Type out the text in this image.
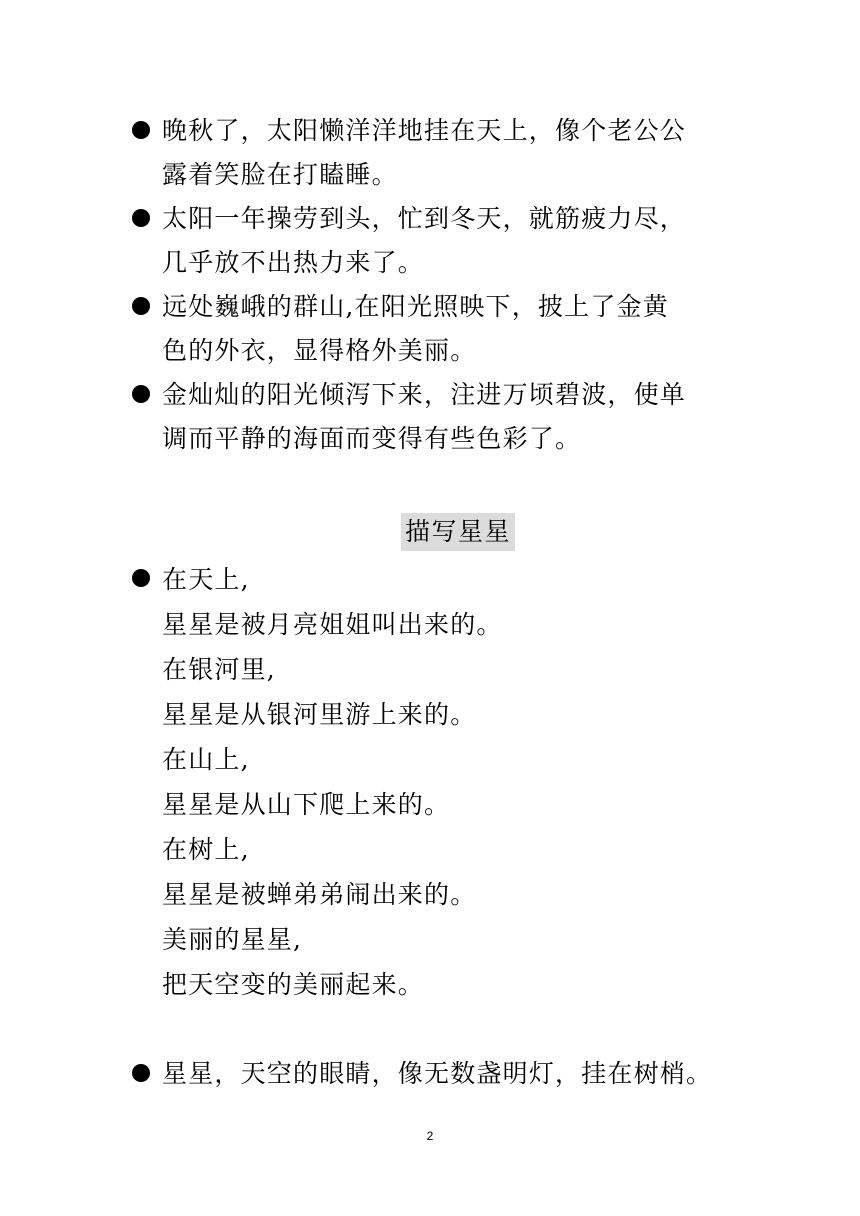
晚秋了，太阳懒洋洋地挂在天上，像个老公公
露着笑脸在打瞌睡。
太阳一年操劳到头，忙到冬天，就筋疲力尽，
几乎放不出热力来了。
远处巍峨的群山,在阳光照映下，披上了金黄
色的外衣，显得格外美丽。
金灿灿的阳光倾泻下来，注进万顷碧波，使单
调而平静的海面而变得有些色彩了。
描写星星
在天上,
星星是被月亮姐姐叫出来的。
在银河里,
星星是从银河里游上来的。
在山上,
星星是从山下爬上来的。
在树上,
星星是被蝉弟弟闹出来的。
美丽的星星,
把天空变的美丽起来。
星星，天空的眼睛，像无数盏明灯，挂在树梢。
2
